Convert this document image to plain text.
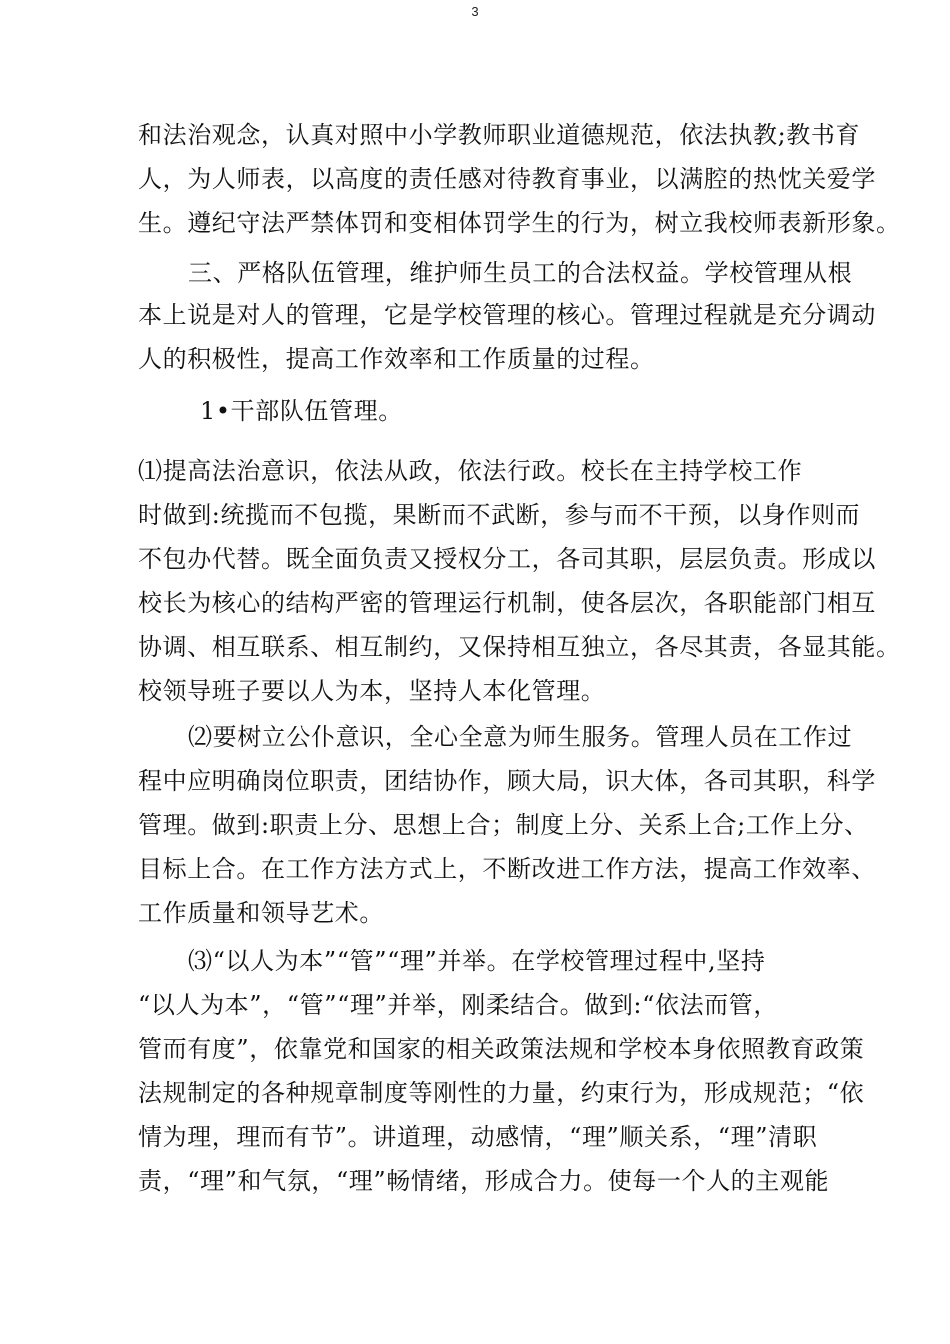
3
和法治观念，认真对照中小学教师职业道德规范，依法执教;教书育
人，为人师表，以高度的责任感对待教育事业，以满腔的热忱关爱学
生。遵纪守法严禁体罚和变相体罚学生的行为，树立我校师表新形象。
三、严格队伍管理，维护师生员工的合法权益。学校管理从根
本上说是对人的管理，它是学校管理的核心。管理过程就是充分调动
人的积极性，提高工作效率和工作质量的过程。
1•干部队伍管理。
⑴提高法治意识，依法从政，依法行政。校长在主持学校工作
时做到:统揽而不包揽，果断而不武断，参与而不干预，以身作则而
不包办代替。既全面负责又授权分工，各司其职，层层负责。形成以
校长为核心的结构严密的管理运行机制，使各层次，各职能部门相互
协调、相互联系、相互制约，又保持相互独立，各尽其责，各显其能。
校领导班子要以人为本，坚持人本化管理。
⑵要树立公仆意识，全心全意为师生服务。管理人员在工作过
程中应明确岗位职责，团结协作，顾大局，识大体，各司其职，科学
管理。做到:职责上分、思想上合；制度上分、关系上合;工作上分、
目标上合。在工作方法方式上，不断改进工作方法，提高工作效率、
工作质量和领导艺术。
⑶“以人为本”“管”“理”并举。在学校管理过程中,坚持
“以人为本”，“管”“理”并举，刚柔结合。做到:“依法而管，
管而有度”，依靠党和国家的相关政策法规和学校本身依照教育政策
法规制定的各种规章制度等刚性的力量，约束行为，形成规范；“依
情为理，理而有节”。讲道理，动感情，“理”顺关系，“理”清职
责，“理”和气氛，“理”畅情绪，形成合力。使每一个人的主观能
